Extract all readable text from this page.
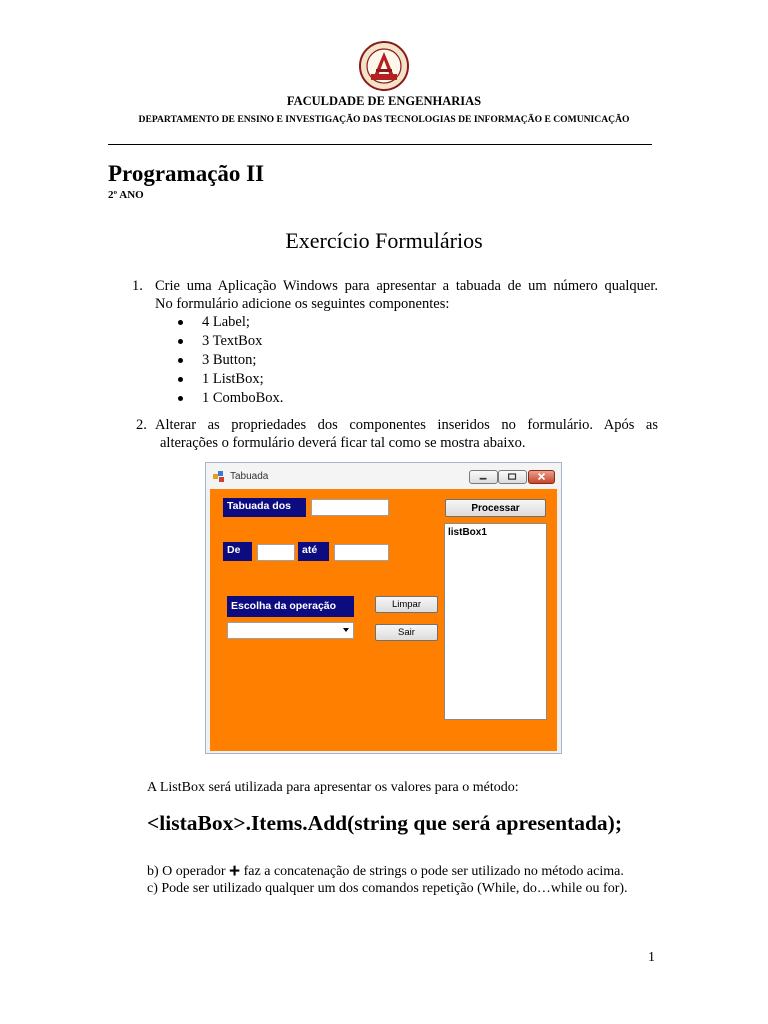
FACULDADE DE ENGENHARIAS
DEPARTAMENTO DE ENSINO E INVESTIGAÇÃO DAS TECNOLOGIAS DE INFORMAÇÃO E COMUNICAÇÃO
Programação II
2º ANO
Exercício Formulários
1. Crie uma Aplicação Windows para apresentar a tabuada de um número qualquer.
No formulário adicione os seguintes componentes:
4 Label;
3 TextBox
3 Button;
1 ListBox;
1 ComboBox.
2. Alterar as propriedades dos componentes inseridos no formulário. Após as
alterações o formulário deverá ficar tal como se mostra abaixo.
Tabuada
Tabuada dos
De	até
Escolha da operação	Limpar
Sair
Processar
listBox1
A ListBox será utilizada para apresentar os valores para o método:
<listaBox>.Items.Add(string que será apresentada);
b) O operador + faz a concatenação de strings o pode ser utilizado no método acima.
c) Pode ser utilizado qualquer um dos comandos repetição (While, do…while ou for).
1
